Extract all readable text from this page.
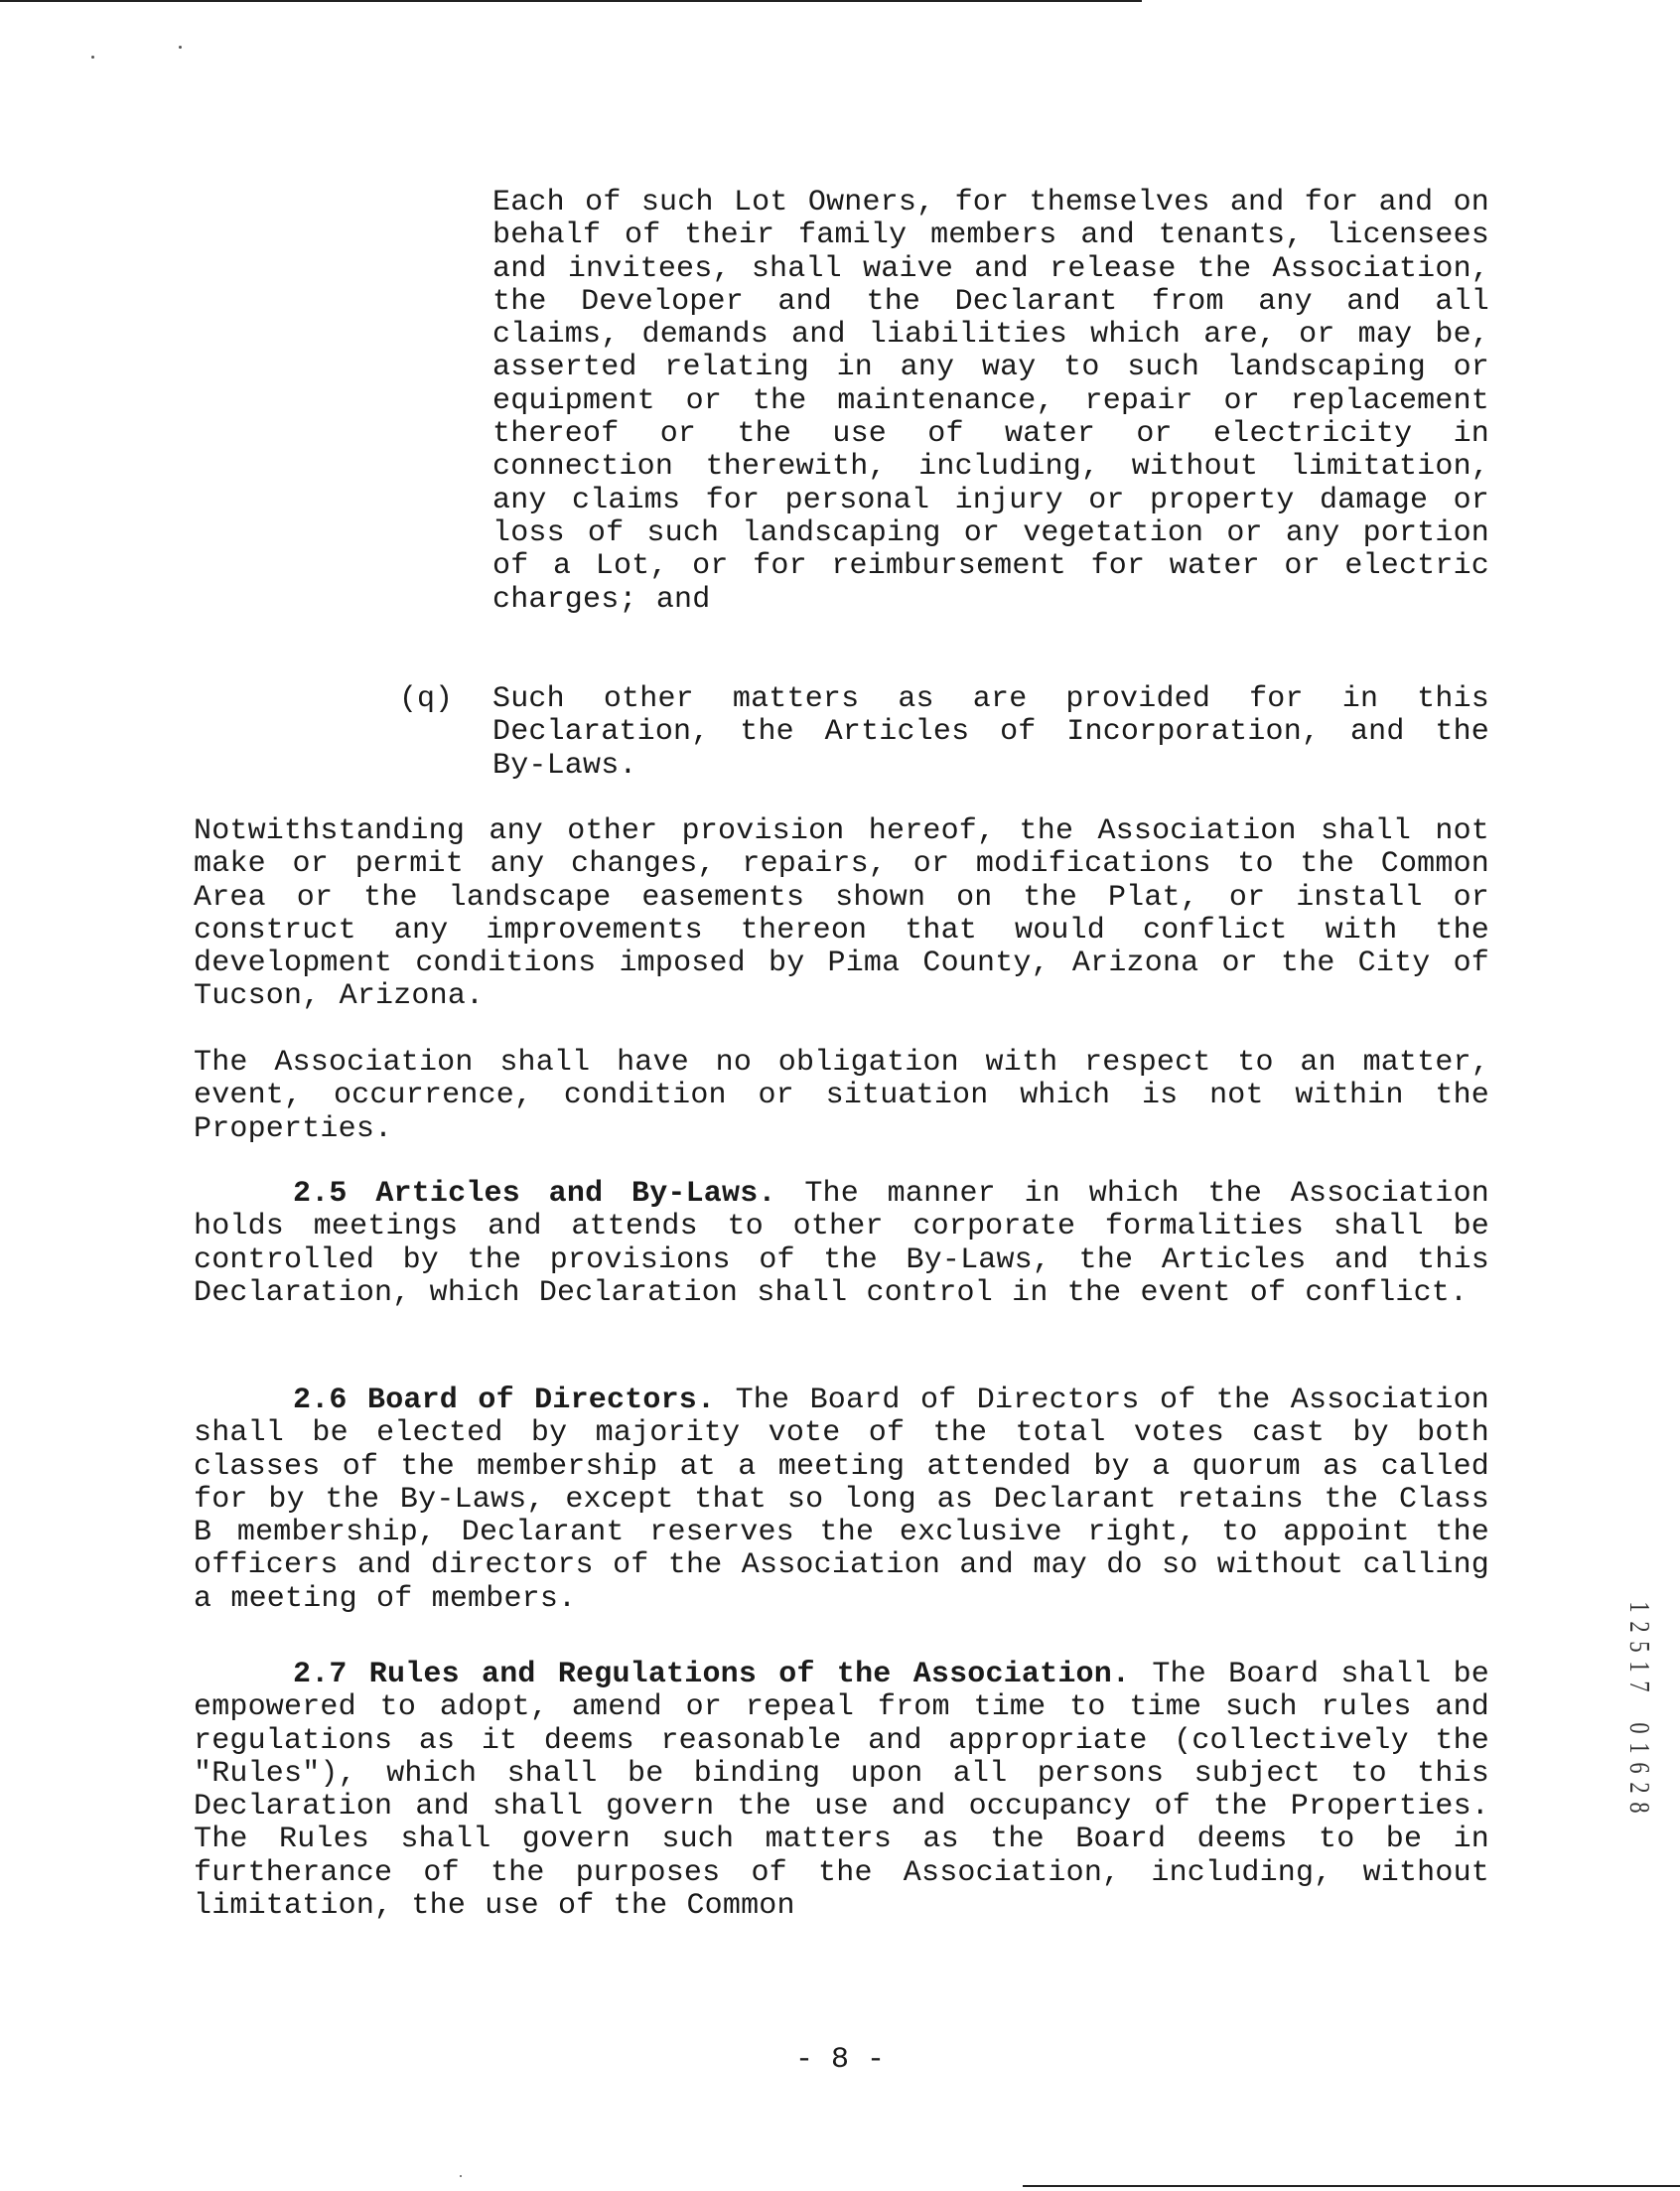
Each of such Lot Owners, for themselves and for and on behalf of their family members and tenants, licensees and invitees, shall waive and release the Association, the Developer and the Declarant from any and all claims, demands and liabilities which are, or may be, asserted relating in any way to such landscaping or equipment or the maintenance, repair or replacement thereof or the use of water or electricity in connection therewith, including, without limitation, any claims for personal injury or property damage or loss of such landscaping or vegetation or any portion of a Lot, or for reimbursement for water or electric charges; and

(q) Such other matters as are provided for in this Declaration, the Articles of Incorporation, and the By-Laws.

Notwithstanding any other provision hereof, the Association shall not make or permit any changes, repairs, or modifications to the Common Area or the landscape easements shown on the Plat, or install or construct any improvements thereon that would conflict with the development conditions imposed by Pima County, Arizona or the City of Tucson, Arizona.

The Association shall have no obligation with respect to an matter, event, occurrence, condition or situation which is not within the Properties.

2.5 Articles and By-Laws. The manner in which the Association holds meetings and attends to other corporate formalities shall be controlled by the provisions of the By-Laws, the Articles and this Declaration, which Declaration shall control in the event of conflict.

2.6 Board of Directors. The Board of Directors of the Association shall be elected by majority vote of the total votes cast by both classes of the membership at a meeting attended by a quorum as called for by the By-Laws, except that so long as Declarant retains the Class B membership, Declarant reserves the exclusive right, to appoint the officers and directors of the Association and may do so without calling a meeting of members.

2.7 Rules and Regulations of the Association. The Board shall be empowered to adopt, amend or repeal from time to time such rules and regulations as it deems reasonable and appropriate (collectively the "Rules"), which shall be binding upon all persons subject to this Declaration and shall govern the use and occupancy of the Properties. The Rules shall govern such matters as the Board deems to be in furtherance of the purposes of the Association, including, without limitation, the use of the Common

- 8 -
1
2
5
1
7
0
1
6
2
8
